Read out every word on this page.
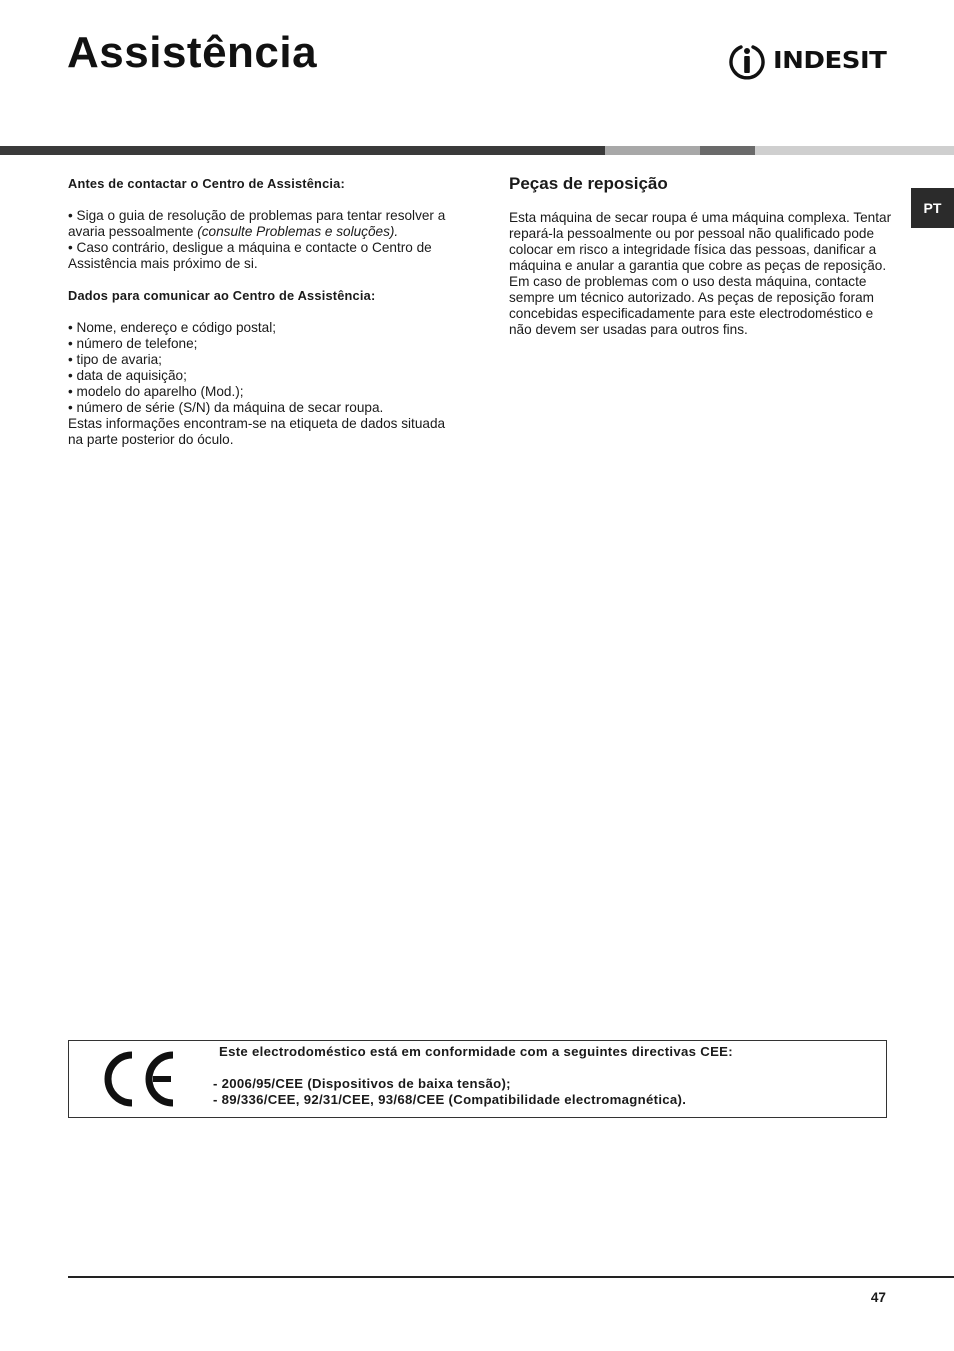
Assistência	INDESIT
PT

Antes de contactar o Centro de Assistência:

• Siga o guia de resolução de problemas para tentar resolver a avaria pessoalmente (consulte Problemas e soluções).

• Caso contrário, desligue a máquina e contacte o Centro de Assistência mais próximo de si.

Dados para comunicar ao Centro de Assistência:

• Nome, endereço e código postal;

• número de telefone;

• tipo de avaria;

• data de aquisição;

• modelo do aparelho (Mod.);

• número de série (S/N) da máquina de secar roupa.

Estas informações encontram-se na etiqueta de dados situada na parte posterior do óculo.

Peças de reposição

Esta máquina de secar roupa é uma máquina complexa. Tentar repará-la pessoalmente ou por pessoal não qualificado pode colocar em risco a integridade física das pessoas, danificar a máquina e anular a garantia que cobre as peças de reposição.

Em caso de problemas com o uso desta máquina, contacte sempre um técnico autorizado. As peças de reposição foram concebidas especificadamente para este electrodoméstico e não devem ser usadas para outros fins.

Este electrodoméstico está em conformidade com a seguintes directivas CEE:

- 2006/95/CEE (Dispositivos de baixa tensão);

- 89/336/CEE, 92/31/CEE, 93/68/CEE (Compatibilidade electromagnética).

47
